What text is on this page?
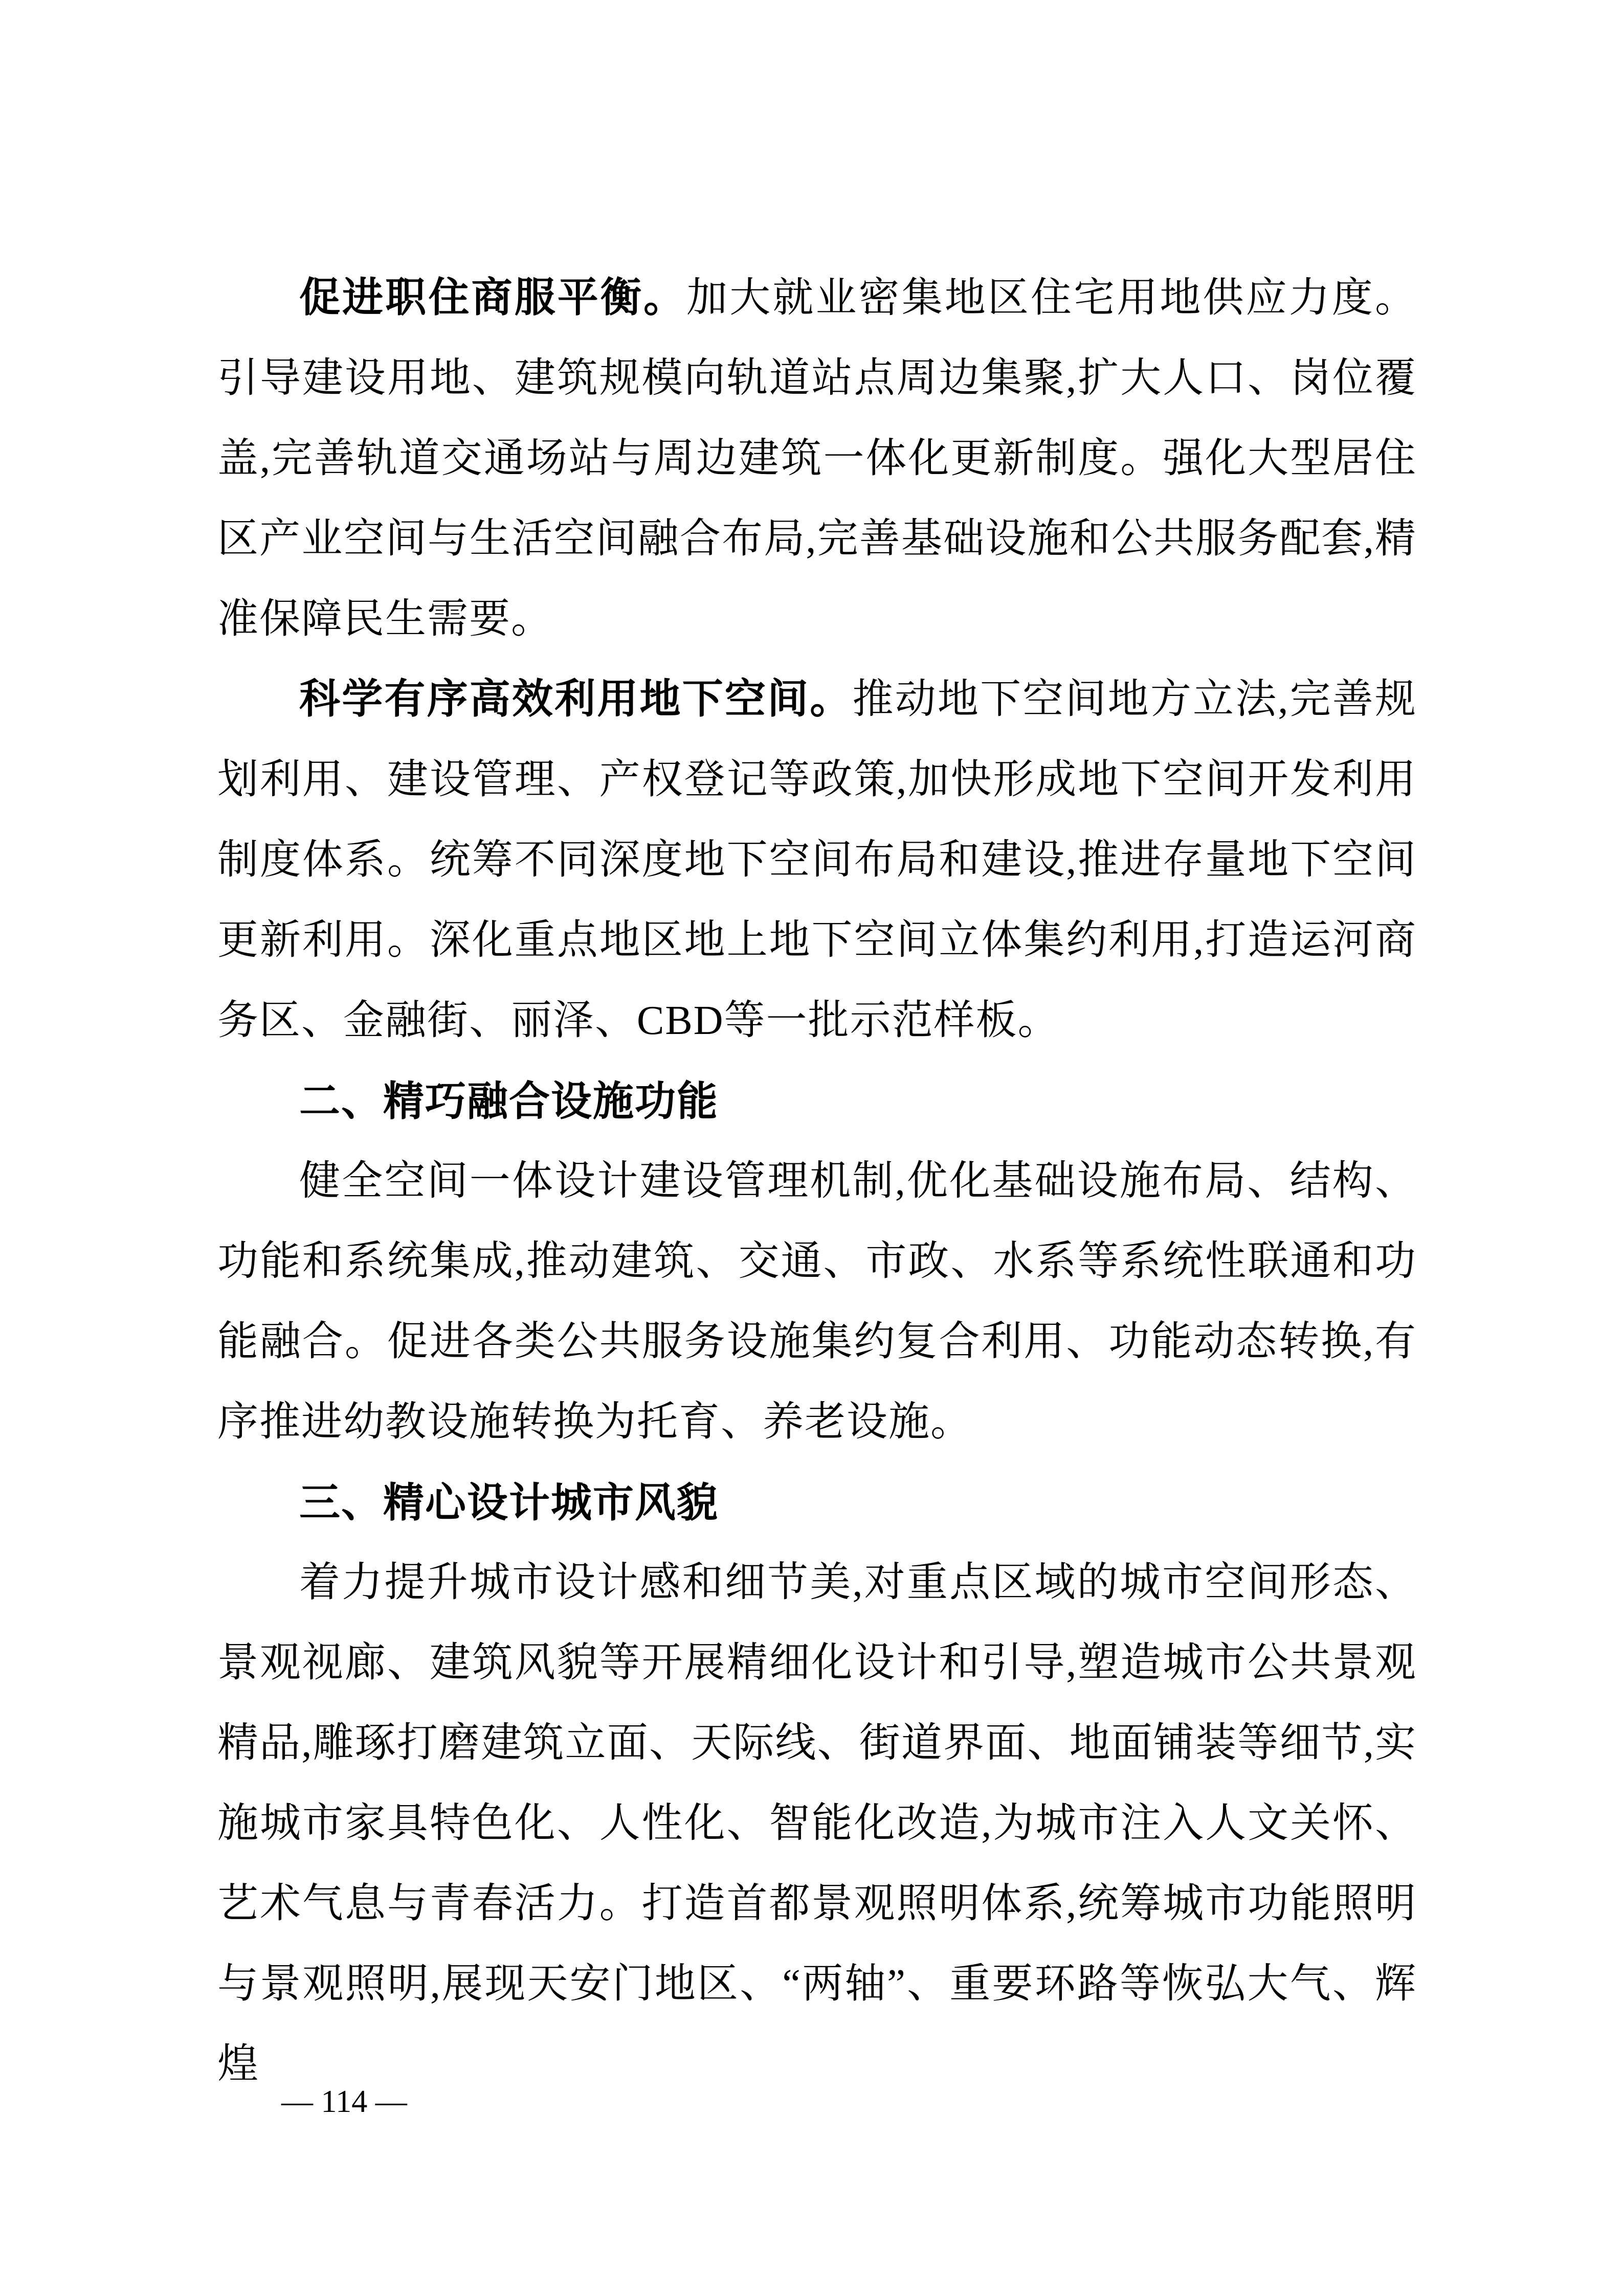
促进职住商服平衡。加大就业密集地区住宅用地供应力度。引导建设用地、建筑规模向轨道站点周边集聚,扩大人口、岗位覆盖,完善轨道交通场站与周边建筑一体化更新制度。强化大型居住区产业空间与生活空间融合布局,完善基础设施和公共服务配套,精准保障民生需要。

科学有序高效利用地下空间。推动地下空间地方立法,完善规划利用、建设管理、产权登记等政策,加快形成地下空间开发利用制度体系。统筹不同深度地下空间布局和建设,推进存量地下空间更新利用。深化重点地区地上地下空间立体集约利用,打造运河商务区、金融街、丽泽、CBD等一批示范样板。

二、精巧融合设施功能

健全空间一体设计建设管理机制,优化基础设施布局、结构、功能和系统集成,推动建筑、交通、市政、水系等系统性联通和功能融合。促进各类公共服务设施集约复合利用、功能动态转换,有序推进幼教设施转换为托育、养老设施。

三、精心设计城市风貌

着力提升城市设计感和细节美,对重点区域的城市空间形态、景观视廊、建筑风貌等开展精细化设计和引导,塑造城市公共景观精品,雕琢打磨建筑立面、天际线、街道界面、地面铺装等细节,实施城市家具特色化、人性化、智能化改造,为城市注入人文关怀、艺术气息与青春活力。打造首都景观照明体系,统筹城市功能照明与景观照明,展现天安门地区、“两轴”、重要环路等恢弘大气、辉煌

— 114 —
